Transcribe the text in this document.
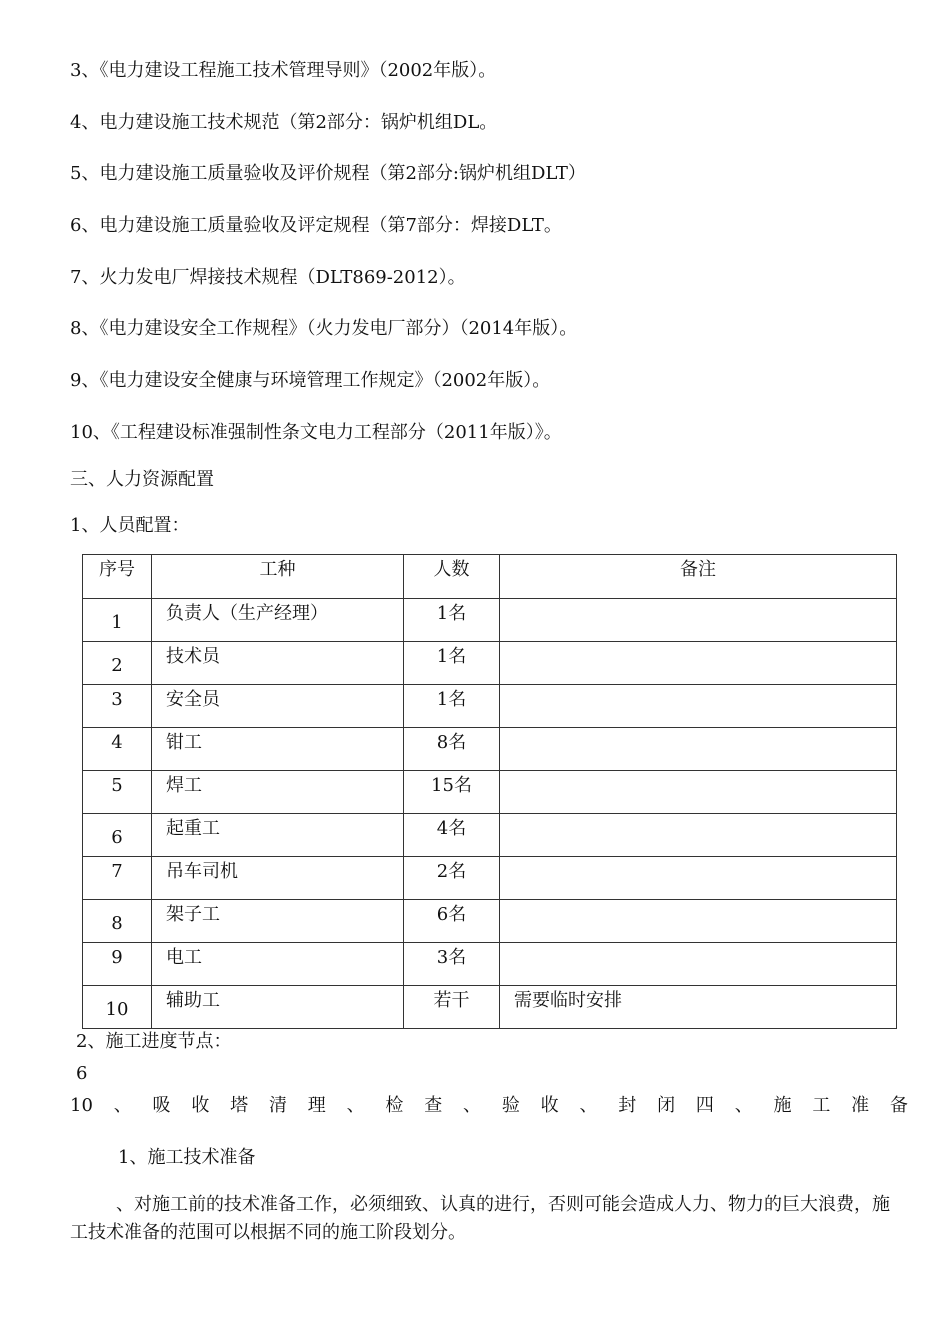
3、《电力建设工程施工技术管理导则》（2002年版）。
4、电力建设施工技术规范（第2部分：锅炉机组DL。
5、电力建设施工质量验收及评价规程（第2部分:锅炉机组DLT）
6、电力建设施工质量验收及评定规程（第7部分：焊接DLT。
7、火力发电厂焊接技术规程（DLT869-2012）。
8、《电力建设安全工作规程》（火力发电厂部分）（2014年版）。
9、《电力建设安全健康与环境管理工作规定》（2002年版）。
10、《工程建设标准强制性条文电力工程部分（2011年版）》。
三、人力资源配置
1、人员配置：
序号	工种	人数	备注

1	负责人（生产经理）	1名	

2	技术员	1名	

3	安全员	1名	

4	钳工	8名	

5	焊工	15名	

6	起重工	4名	

7	吊车司机	2名	

8	架子工	6名	

9	电工	3名	

10	辅助工	若干	需要临时安排
2、施工进度节点：
6
10 、 吸 收 塔 清 理 、 检 查 、 验 收 、 封 闭 四 、 施 工 准 备
1、施工技术准备
、对施工前的技术准备工作，必须细致、认真的进行，否则可能会造成人力、物力的巨大浪费，施工技术准备的范围可以根据不同的施工阶段划分。
